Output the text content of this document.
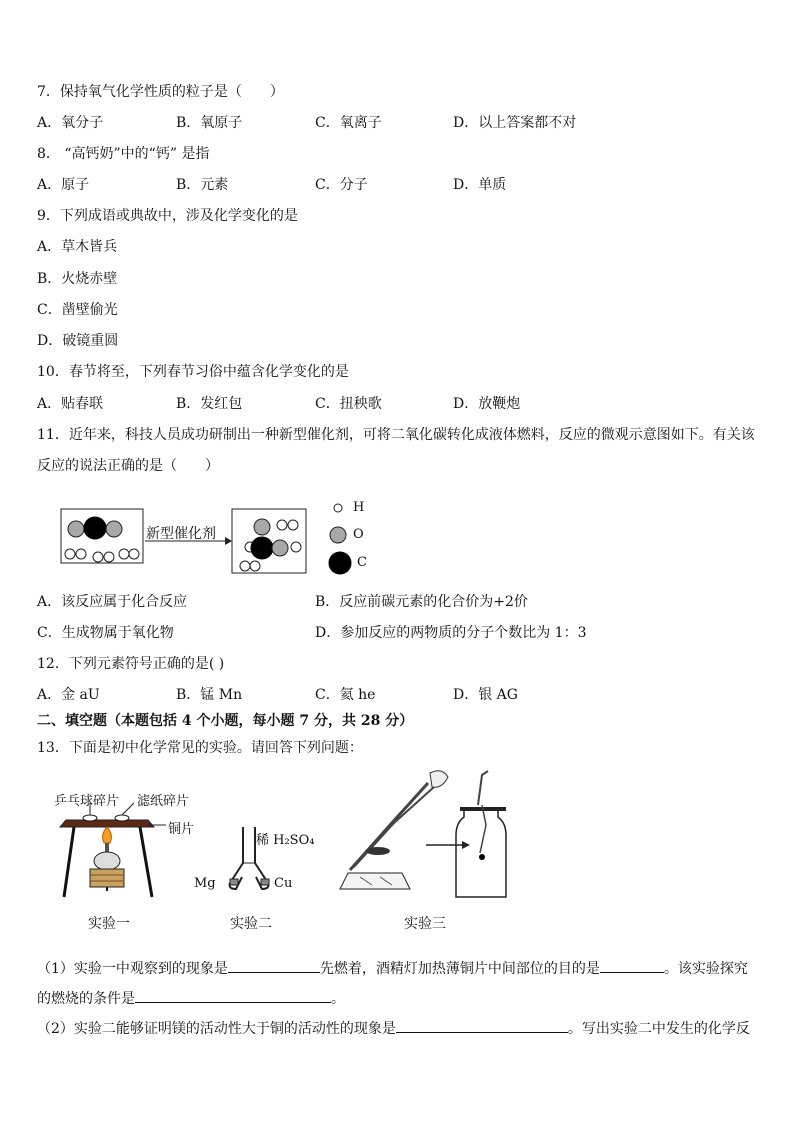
7．保持氧气化学性质的粒子是（　　）
A．氧分子	B．氧原子	C．氧离子	D．以上答案都不对
8． “高钙奶”中的“钙” 是指
A．原子	B．元素	C．分子	D．单质
9．下列成语或典故中，涉及化学变化的是
A．草木皆兵
B．火烧赤壁
C．凿壁偷光
D．破镜重圆
10．春节将至，下列春节习俗中蕴含化学变化的是
A．贴春联	B．发红包	C．扭秧歌	D．放鞭炮
11．近年来，科技人员成功研制出一种新型催化剂，可将二氧化碳转化成液体燃料，反应的微观示意图如下。有关该
反应的说法正确的是（　　）
新型催化剂
H
O
C
A．该反应属于化合反应	B．反应前碳元素的化合价为+2价
C．生成物属于氧化物	D．参加反应的两物质的分子个数比为 1：3
12．下列元素符号正确的是( )
A．金 aU	B．锰 Mn	C．氦 he	D．银 AG
二、填空题（本题包括 4 个小题，每小题 7 分，共 28 分）
13．下面是初中化学常见的实验。请回答下列问题：
乒乓球碎片 滤纸碎片
铜片
稀 H₂SO₄
Mg	Cu
实验一	实验二	实验三
（1）实验一中观察到的现象是	先燃着，酒精灯加热薄铜片中间部位的目的是	。该实验探究
的燃烧的条件是	。
（2）实验二能够证明镁的活动性大于铜的活动性的现象是	。写出实验二中发生的化学反
